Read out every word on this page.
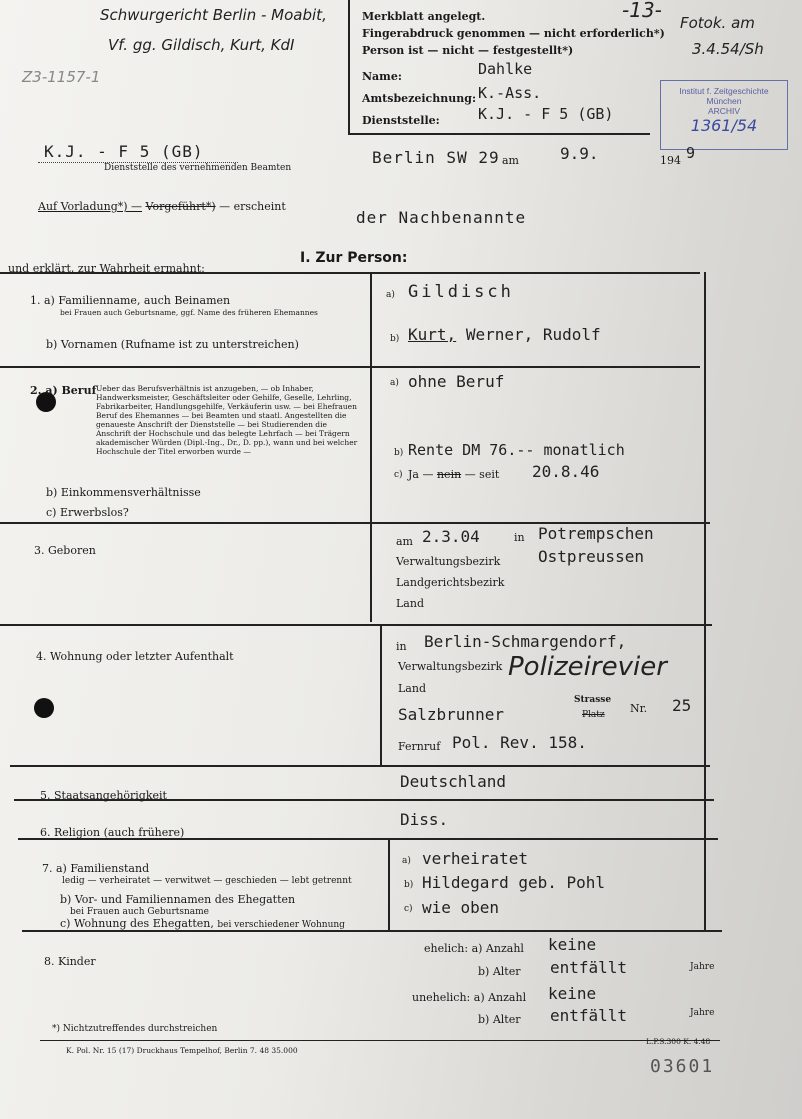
Schwurgericht Berlin - Moabit,
Vf. gg. Gildisch, Kurt, KdI
Z3-1157-1
Merkblatt angelegt.
Fingerabdruck genommen — nicht erforderlich*)
Person ist — nicht — festgestellt*)
Name:	Dahlke
Amtsbezeichnung: K.-Ass.
Dienststelle:	K.J. - F 5 (GB)
-13-
Fotok. am
3.4.54/Sh
Institut f. Zeitgeschichte
München
ARCHIV
1361/54
K.J. - F 5 (GB)
Dienststelle des vernehmenden Beamten
Berlin SW 29 am	9.9.	194 9
Auf Vorladung*) — Vorgeführt*) — erscheint
der Nachbenannte
und erklärt, zur Wahrheit ermahnt:
I. Zur Person:
1. a) Familienname, auch Beinamen
bei Frauen auch Geburtsname, ggf. Name des früheren Ehemannes
b) Vornamen (Rufname ist zu unterstreichen)
a) Gildisch
b) Kurt, Werner, Rudolf
2. a) Beruf Ueber das Berufsverhältnis ist anzugeben, — ob Inhaber, Handwerksmeister, Geschäftsleiter oder Gehilfe, Geselle, Lehrling, Fabrikarbeiter, Handlungsgehilfe, Verkäuferin usw. — bei Ehefrauen Beruf des Ehemannes — bei Beamten und staatl. Angestellten die genaueste Anschrift der Dienststelle — bei Studierenden die Anschrift der Hochschule und das belegte Lehrfach — bei Trägern akademischer Würden (Dipl.-Ing., Dr., D. pp.), wann und bei welcher Hochschule der Titel erworben wurde —
b) Einkommensverhältnisse
c) Erwerbslos?
a) ohne Beruf
b) Rente DM 76.-- monatlich
c) Ja — nein — seit 20.8.46
3. Geboren
am 2.3.04	in Potrempschen
Verwaltungsbezirk Ostpreussen
Landgerichtsbezirk
Land
4. Wohnung oder letzter Aufenthalt
in Berlin-Schmargendorf,
Verwaltungsbezirk Polizeirevier
Land
Salzbrunner
Strasse
Platz Nr. 25
Fernruf Pol. Rev. 158.
5. Staatsangehörigkeit
Deutschland
6. Religion (auch frühere)
Diss.
7. a) Familienstand
ledig — verheiratet — verwitwet — geschieden — lebt getrennt
b) Vor- und Familiennamen des Ehegatten
bei Frauen auch Geburtsname
c) Wohnung des Ehegatten, bei verschiedener Wohnung
a) verheiratet
b) Hildegard geb. Pohl
c) wie oben
8. Kinder
ehelich: a) Anzahl keine
b) Alter entfällt	Jahre
unehelich: a) Anzahl keine
b) Alter entfällt	Jahre
*) Nichtzutreffendes durchstreichen
K. Pol. Nr. 15 (17) Druckhaus Tempelhof, Berlin 7. 48 35.000
L.P.S.300 K. 4.48
03601
